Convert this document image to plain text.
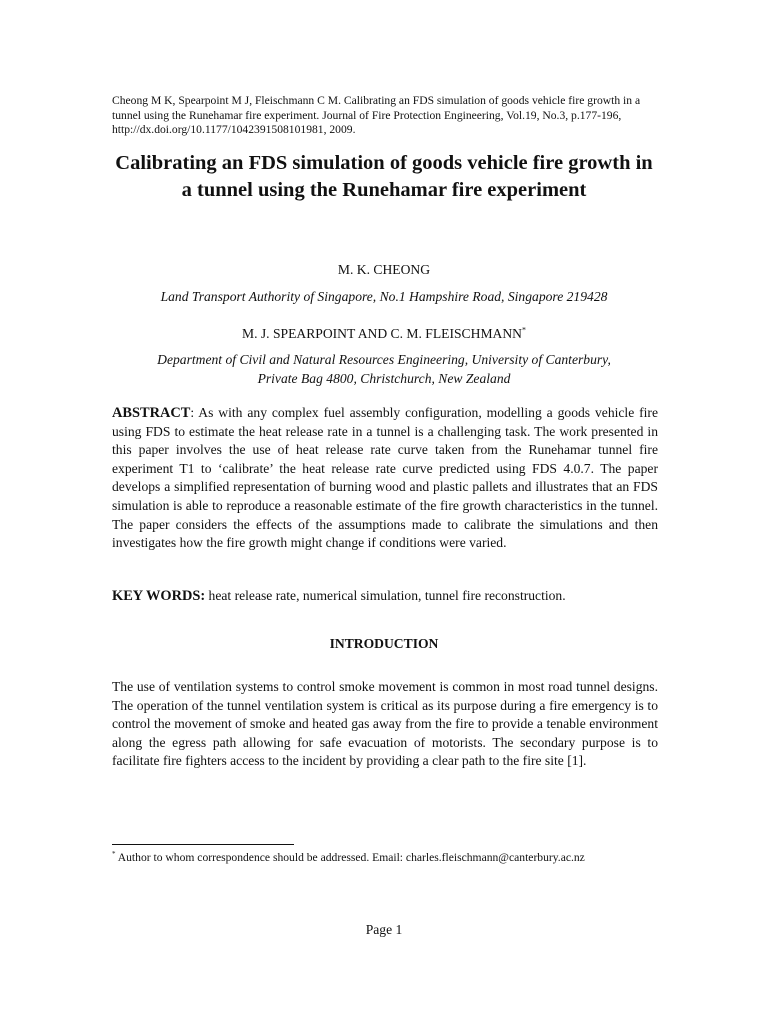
Cheong M K, Spearpoint M J, Fleischmann C M. Calibrating an FDS simulation of goods vehicle fire growth in a tunnel using the Runehamar fire experiment. Journal of Fire Protection Engineering, Vol.19, No.3, p.177-196, http://dx.doi.org/10.1177/1042391508101981, 2009.
Calibrating an FDS simulation of goods vehicle fire growth in a tunnel using the Runehamar fire experiment
M. K. CHEONG
Land Transport Authority of Singapore, No.1 Hampshire Road, Singapore 219428
M. J. SPEARPOINT AND C. M. FLEISCHMANN*
Department of Civil and Natural Resources Engineering, University of Canterbury,
Private Bag 4800, Christchurch, New Zealand
ABSTRACT: As with any complex fuel assembly configuration, modelling a goods vehicle fire using FDS to estimate the heat release rate in a tunnel is a challenging task. The work presented in this paper involves the use of heat release rate curve taken from the Runehamar tunnel fire experiment T1 to ‘calibrate’ the heat release rate curve predicted using FDS 4.0.7. The paper develops a simplified representation of burning wood and plastic pallets and illustrates that an FDS simulation is able to reproduce a reasonable estimate of the fire growth characteristics in the tunnel. The paper considers the effects of the assumptions made to calibrate the simulations and then investigates how the fire growth might change if conditions were varied.
KEY WORDS: heat release rate, numerical simulation, tunnel fire reconstruction.
INTRODUCTION
The use of ventilation systems to control smoke movement is common in most road tunnel designs. The operation of the tunnel ventilation system is critical as its purpose during a fire emergency is to control the movement of smoke and heated gas away from the fire to provide a tenable environment along the egress path allowing for safe evacuation of motorists. The secondary purpose is to facilitate fire fighters access to the incident by providing a clear path to the fire site [1].
* Author to whom correspondence should be addressed. Email: charles.fleischmann@canterbury.ac.nz
Page 1
